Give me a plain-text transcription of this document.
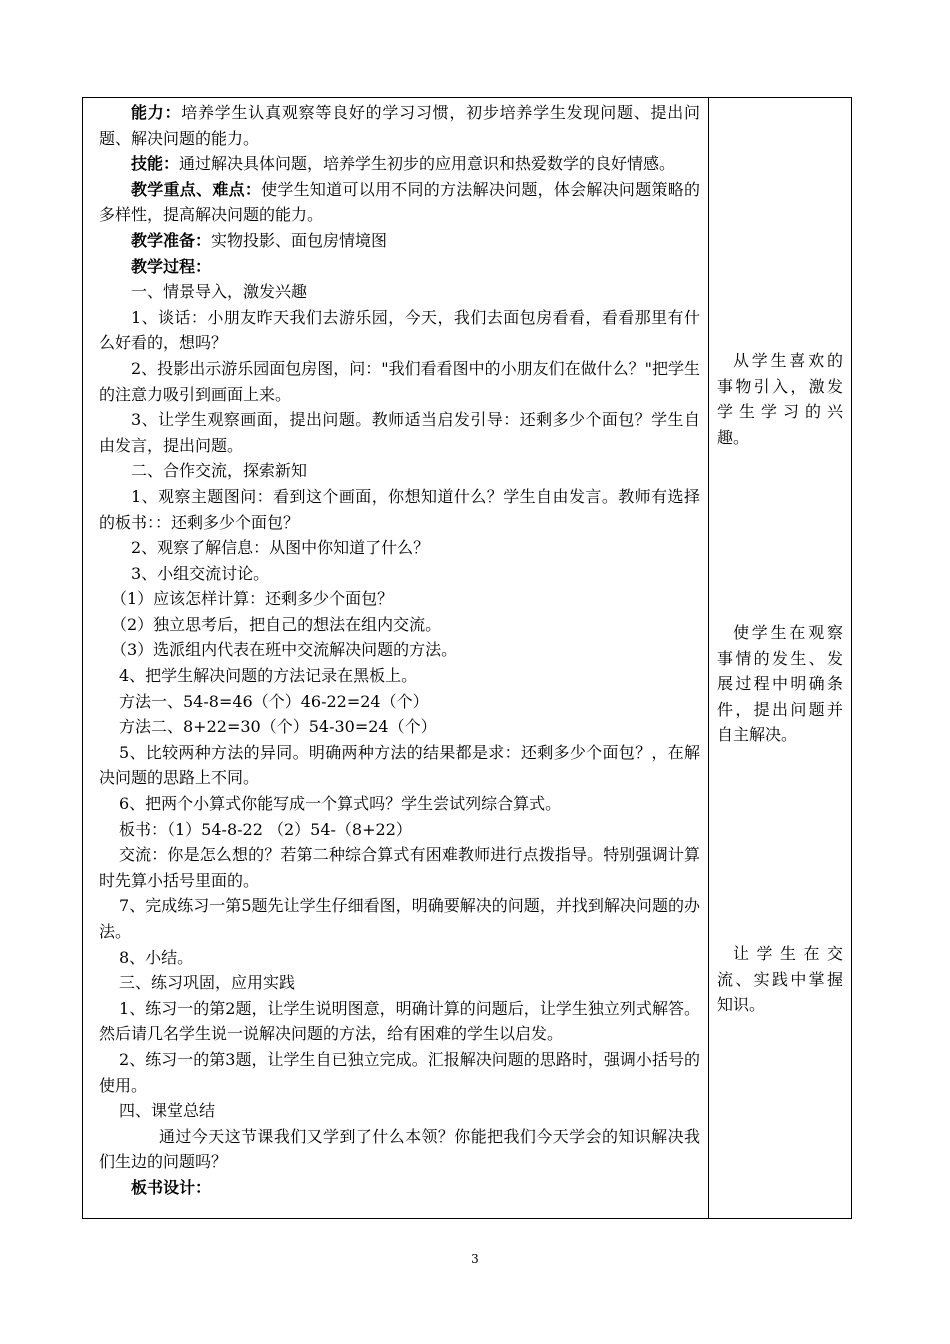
能力：培养学生认真观察等良好的学习习惯，初步培养学生发现问题、提出问题、解决问题的能力。

技能：通过解决具体问题，培养学生初步的应用意识和热爱数学的良好情感。

教学重点、难点：使学生知道可以用不同的方法解决问题，体会解决问题策略的多样性，提高解决问题的能力。

教学准备：实物投影、面包房情境图

教学过程：

一、情景导入，激发兴趣

1、谈话：小朋友昨天我们去游乐园，今天，我们去面包房看看，看看那里有什么好看的，想吗？

2、投影出示游乐园面包房图，问："我们看看图中的小朋友们在做什么？"把学生的注意力吸引到画面上来。

3、让学生观察画面，提出问题。教师适当启发引导：还剩多少个面包？学生自由发言，提出问题。

二、合作交流，探索新知

1、观察主题图问：看到这个画面，你想知道什么？学生自由发言。教师有选择的板书：：还剩多少个面包？

2、观察了解信息：从图中你知道了什么？

3、小组交流讨论。

（1）应该怎样计算：还剩多少个面包？

（2）独立思考后，把自己的想法在组内交流。

（3）选派组内代表在班中交流解决问题的方法。

4、把学生解决问题的方法记录在黑板上。

方法一、54-8=46（个）46-22=24（个）

方法二、8+22=30（个）54-30=24（个）

5、比较两种方法的异同。明确两种方法的结果都是求：还剩多少个面包？，在解决问题的思路上不同。

6、把两个小算式你能写成一个算式吗？学生尝试列综合算式。

板书：（1）54-8-22 （2）54-（8+22）

交流：你是怎么想的？若第二种综合算式有困难教师进行点拨指导。特别强调计算时先算小括号里面的。

7、完成练习一第5题先让学生仔细看图，明确要解决的问题，并找到解决问题的办法。

8、小结。

三、练习巩固，应用实践

1、练习一的第2题，让学生说明图意，明确计算的问题后，让学生独立列式解答。然后请几名学生说一说解决问题的方法，给有困难的学生以启发。

2、练习一的第3题，让学生自已独立完成。汇报解决问题的思路时，强调小括号的使用。

四、课堂总结

通过今天这节课我们又学到了什么本领？你能把我们今天学会的知识解决我们生边的问题吗？

板书设计：

从学生喜欢的事物引入，激发学生学习的兴趣。

使学生在观察事情的发生、发展过程中明确条件，提出问题并自主解决。

让学生在交流、实践中掌握知识。

3
